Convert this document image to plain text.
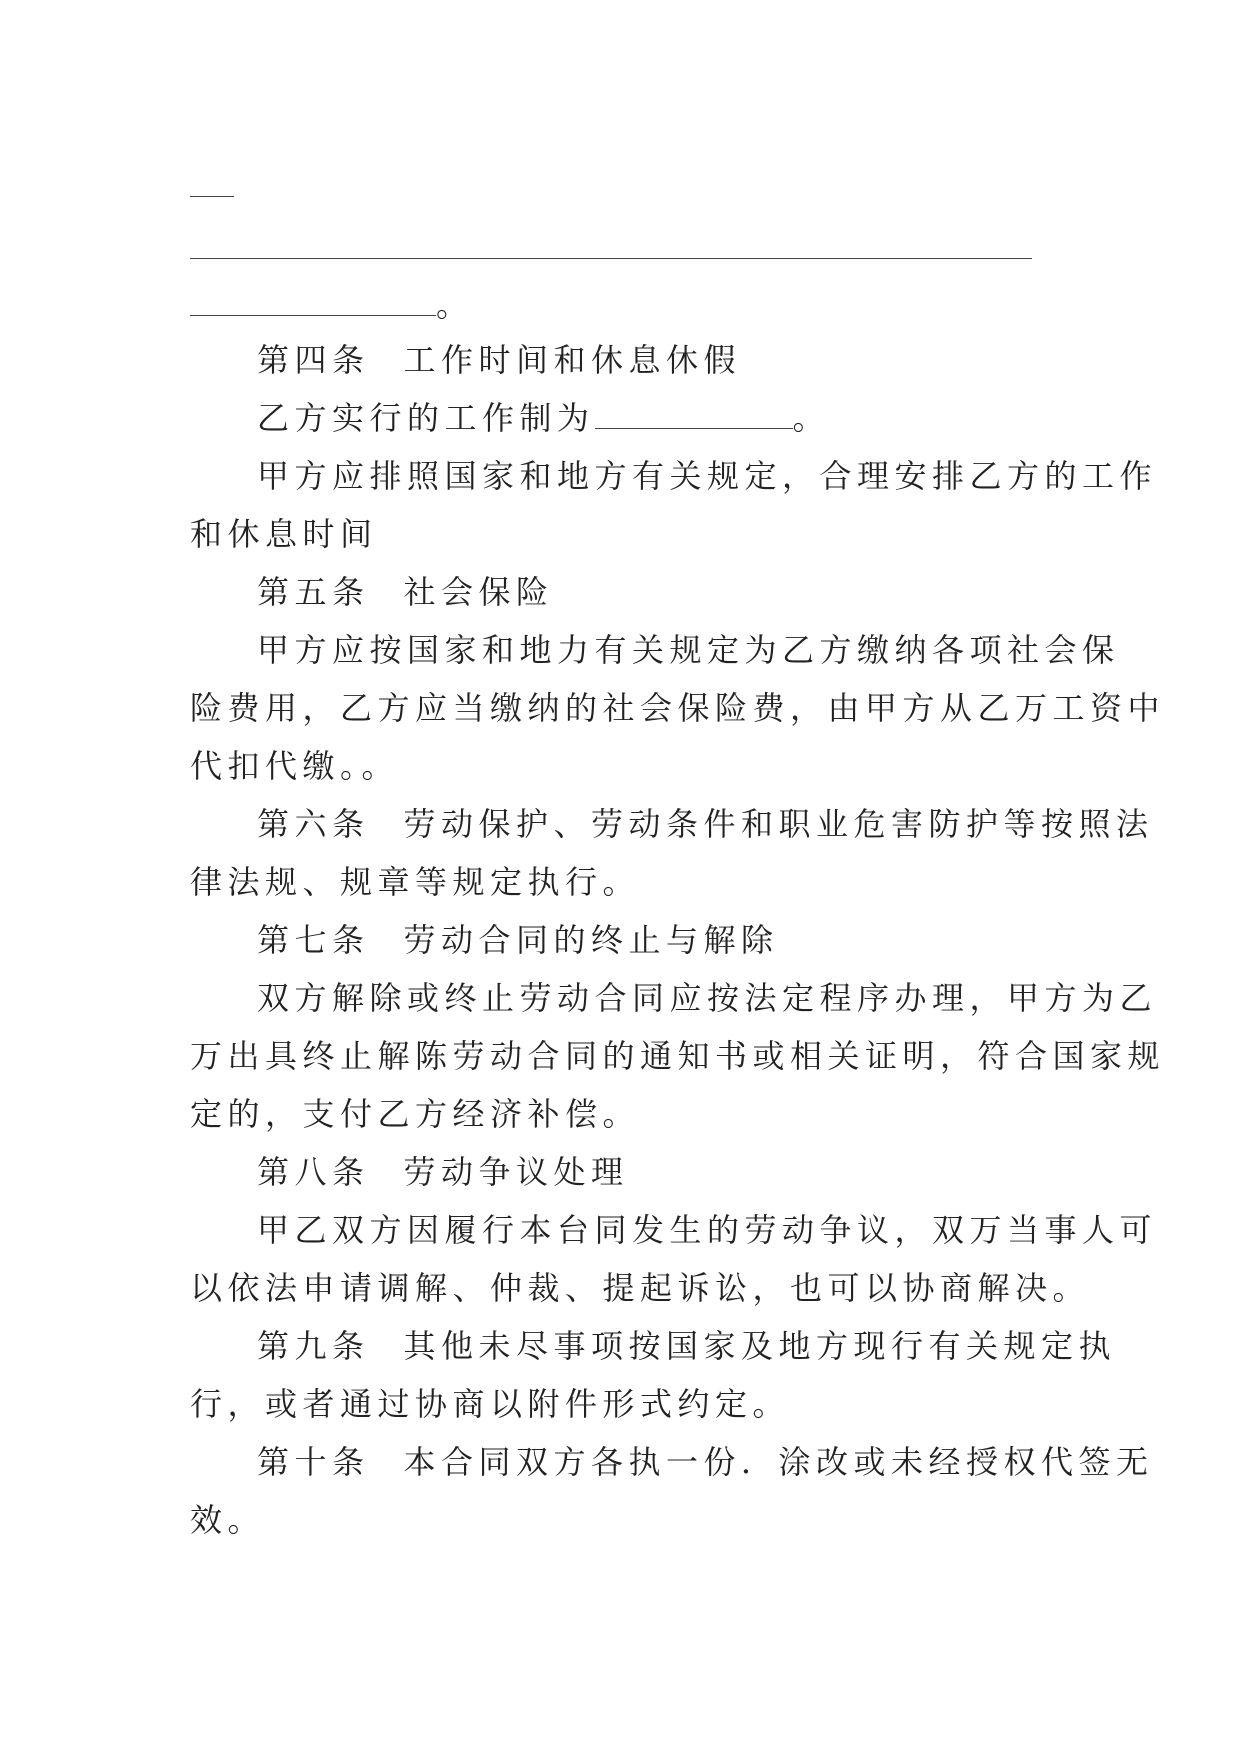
。
第四条 工作时间和休息休假
乙方实行的工作制为	。
甲方应排照国家和地方有关规定，合理安排乙方的工作
和休息时间
第五条 社会保险
甲方应按国家和地力有关规定为乙方缴纳各项社会保
险费用，乙方应当缴纳的社会保险费，由甲方从乙万工资中
代扣代缴。。
第六条 劳动保护、劳动条件和职业危害防护等按照法
律法规、规章等规定执行。
第七条 劳动合同的终止与解除
双方解除或终止劳动合同应按法定程序办理，甲方为乙
万出具终止解陈劳动合同的通知书或相关证明，符合国家规
定的，支付乙方经济补偿。
第八条 劳动争议处理
甲乙双方因履行本台同发生的劳动争议，双万当事人可
以依法申请调解、仲裁、提起诉讼，也可以协商解决。
第九条 其他未尽事项按国家及地方现行有关规定执
行，或者通过协商以附件形式约定。
第十条 本合同双方各执一份．涂改或未经授权代签无
效。
